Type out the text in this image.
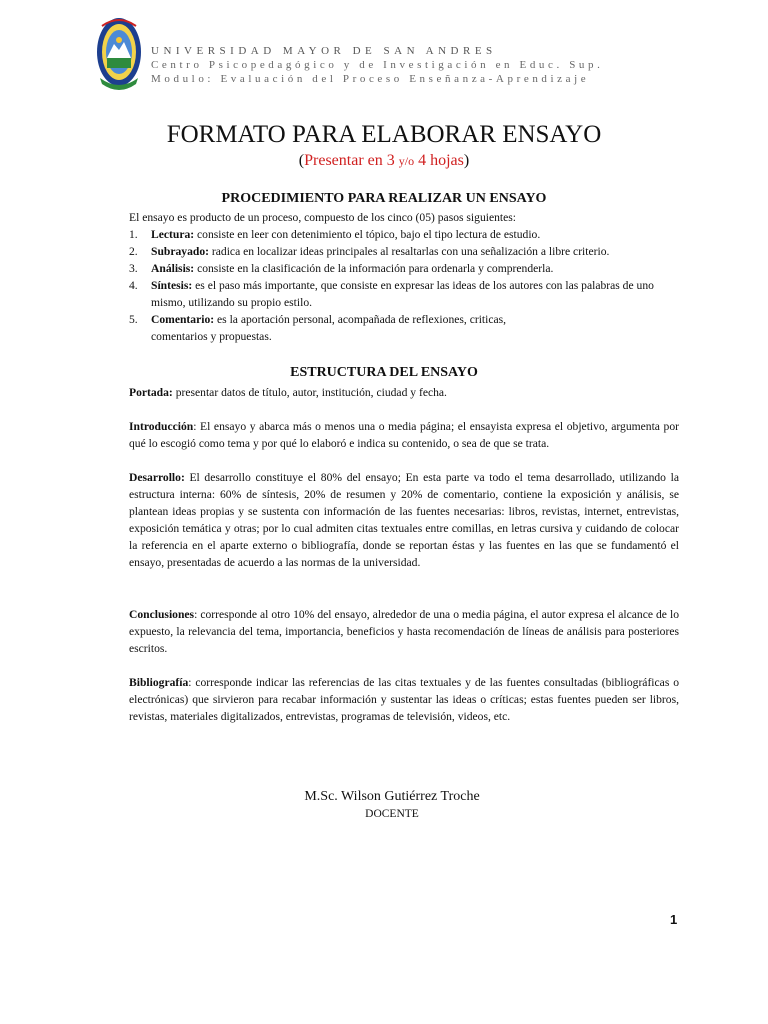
UNIVERSIDAD MAYOR DE SAN ANDRES
Centro Psicopedagógico y de Investigación en Educ. Sup.
Modulo: Evaluación del Proceso Enseñanza-Aprendizaje
FORMATO PARA ELABORAR ENSAYO
(Presentar en 3 y/o 4 hojas)
PROCEDIMIENTO PARA REALIZAR UN ENSAYO
El ensayo es producto de un proceso, compuesto de los cinco (05) pasos siguientes:
1. Lectura: consiste en leer con detenimiento el tópico, bajo el tipo lectura de estudio.
2. Subrayado: radica en localizar ideas principales al resaltarlas con una señalización a libre criterio.
3. Análisis: consiste en la clasificación de la información para ordenarla y comprenderla.
4. Síntesis: es el paso más importante, que consiste en expresar las ideas de los autores con las palabras de uno mismo, utilizando su propio estilo.
5. Comentario: es la aportación personal, acompañada de reflexiones, criticas, comentarios y propuestas.
ESTRUCTURA DEL ENSAYO
Portada: presentar datos de título, autor, institución, ciudad y fecha.
Introducción: El ensayo y abarca más o menos una o media página; el ensayista expresa el objetivo, argumenta por qué lo escogió como tema y por qué lo elaboró e indica su contenido, o sea de que se trata.
Desarrollo: El desarrollo constituye el 80% del ensayo; En esta parte va todo el tema desarrollado, utilizando la estructura interna: 60% de síntesis, 20% de resumen y 20% de comentario, contiene la exposición y análisis, se plantean ideas propias y se sustenta con información de las fuentes necesarias: libros, revistas, internet, entrevistas, exposición temática y otras; por lo cual admiten citas textuales entre comillas, en letras cursiva y cuidando de colocar la referencia en el aparte externo o bibliografía, donde se reportan éstas y las fuentes en las que se fundamentó el ensayo, presentadas de acuerdo a las normas de la universidad.
Conclusiones: corresponde al otro 10% del ensayo, alrededor de una o media página, el autor expresa el alcance de lo expuesto, la relevancia del tema, importancia, beneficios y hasta recomendación de líneas de análisis para posteriores escritos.
Bibliografía: corresponde indicar las referencias de las citas textuales y de las fuentes consultadas (bibliográficas o electrónicas) que sirvieron para recabar información y sustentar las ideas o críticas; estas fuentes pueden ser libros, revistas, materiales digitalizados, entrevistas, programas de televisión, videos, etc.
M.Sc. Wilson Gutiérrez Troche
DOCENTE
1
